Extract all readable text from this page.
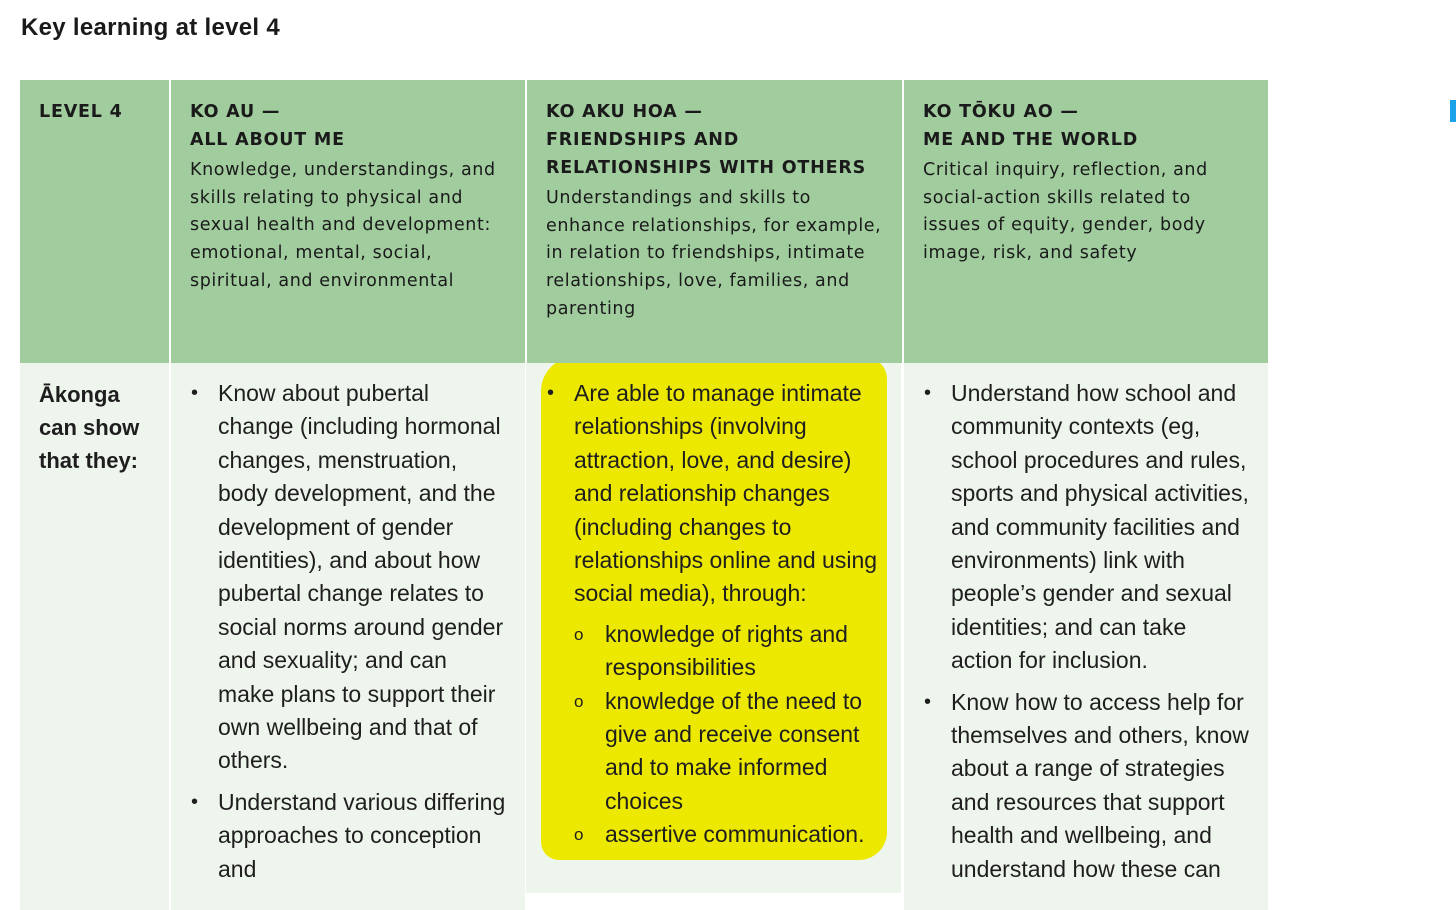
Key learning at level 4
LEVEL 4	KO AU —
ALL ABOUT ME
Knowledge, understandings, and skills relating to physical and sexual health and development: emotional, mental, social, spiritual, and environmental
KO AKU HOA —
FRIENDSHIPS AND
RELATIONSHIPS WITH OTHERS
Understandings and skills to enhance relationships, for example, in relation to friendships, intimate relationships, love, families, and parenting
KO TŌKU AO —
ME AND THE WORLD
Critical inquiry, reflection, and social-action skills related to issues of equity, gender, body image, risk, and safety
Ākonga can show that they:
• Know about pubertal change (including hormonal changes, menstruation, body development, and the development of gender identities), and about how pubertal change relates to social norms around gender and sexuality; and can make plans to support their own wellbeing and that of others.
• Understand various differing approaches to conception and
• Are able to manage intimate relationships (involving attraction, love, and desire) and relationship changes (including changes to relationships online and using social media), through:
o knowledge of rights and responsibilities
o knowledge of the need to give and receive consent and to make informed choices
o assertive communication.
• Understand how school and community contexts (eg, school procedures and rules, sports and physical activities, and community facilities and environments) link with people’s gender and sexual identities; and can take action for inclusion.
• Know how to access help for themselves and others, know about a range of strategies and resources that support health and wellbeing, and understand how these can
